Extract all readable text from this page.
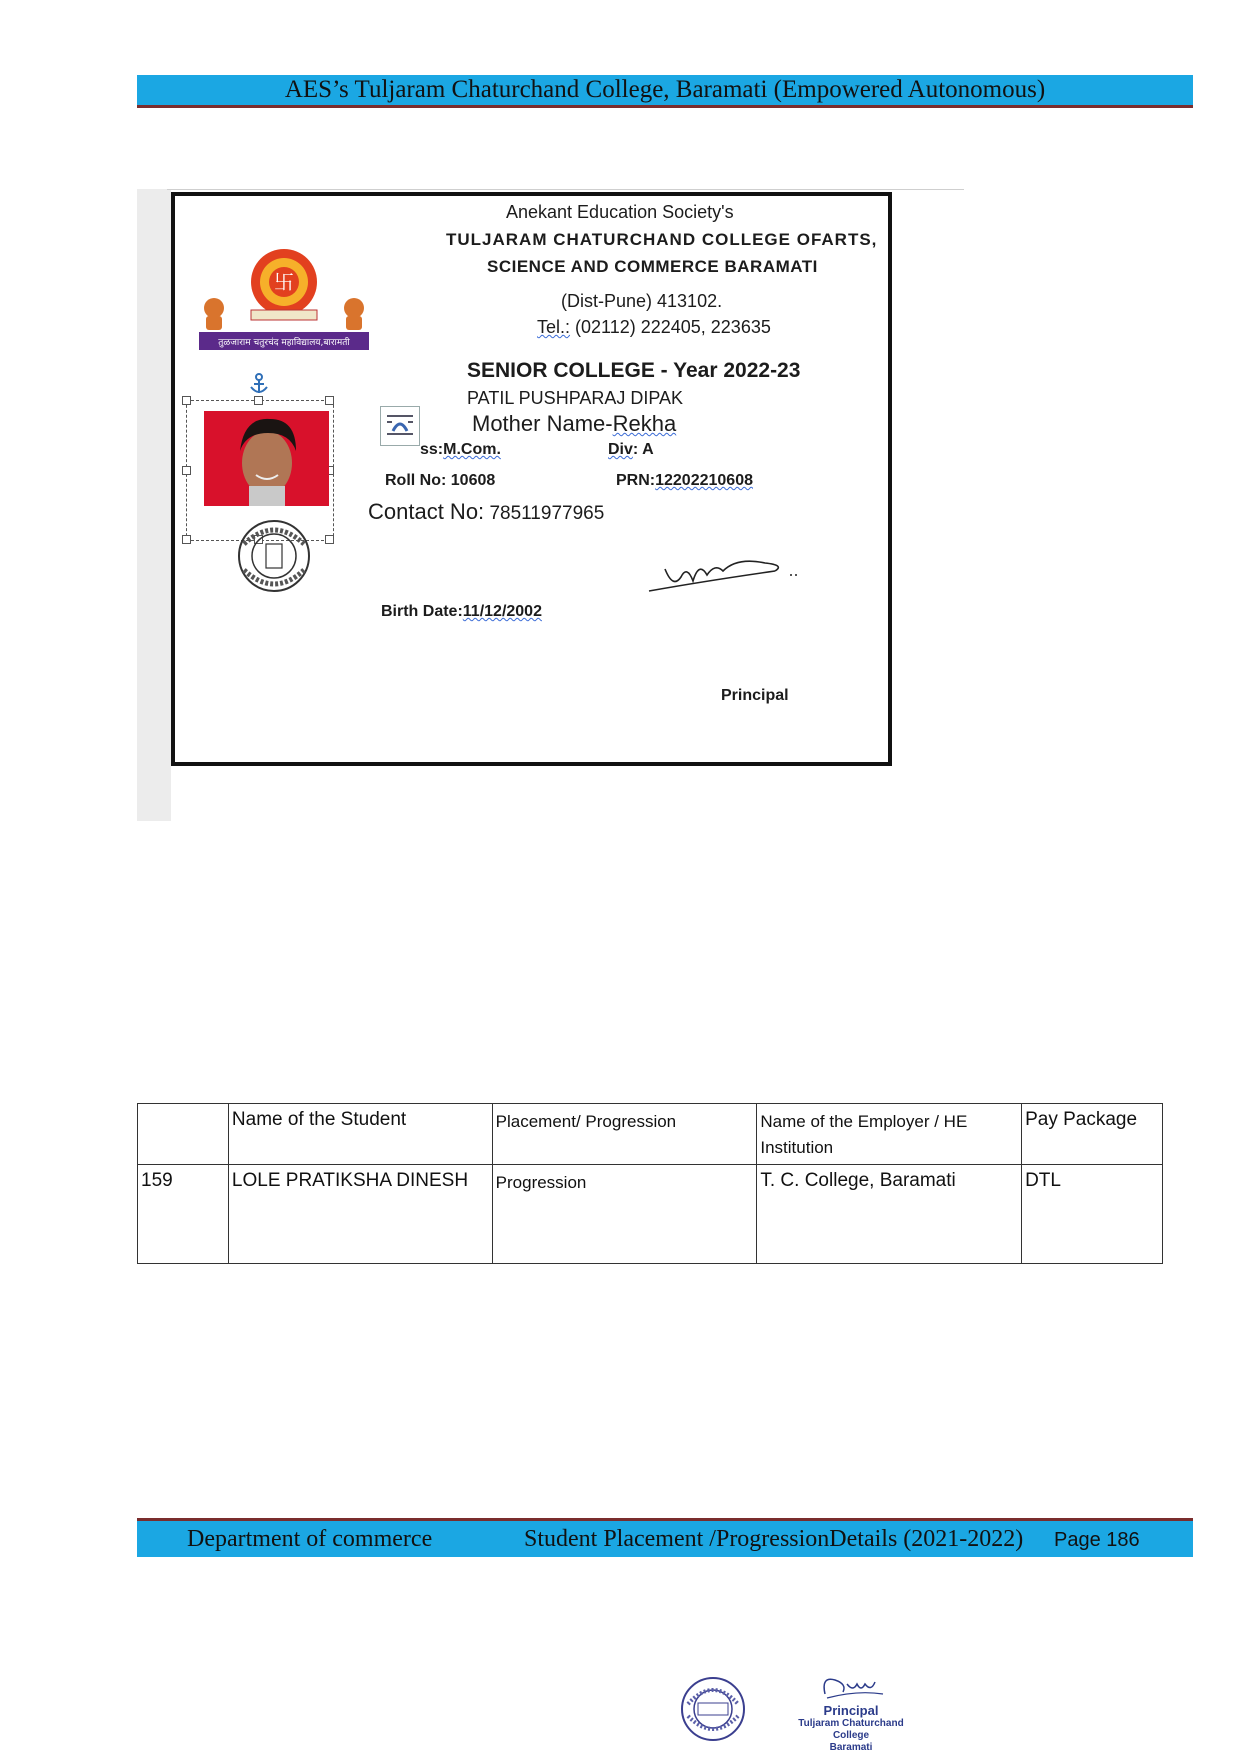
AES’s Tuljaram Chaturchand College, Baramati (Empowered Autonomous)
卐
तुळजाराम चतुरचंद महाविद्यालय,बारामती
Anekant Education Society's
TULJARAM CHATURCHAND COLLEGE OFARTS,
SCIENCE AND COMMERCE BARAMATI
(Dist-Pune) 413102.
Tel.: (02112) 222405, 223635
SENIOR COLLEGE - Year 2022-23
PATIL PUSHPARAJ DIPAK
Mother Name-Rekha
ss:M.Com.	Div: A
Roll No: 10608	PRN:12202210608
Contact No: 78511977965
Birth Date:11/12/2002
Principal
	Name of the Student	Placement/ Progression	Name of the Employer / HE Institution	Pay Package
159	LOLE PRATIKSHA DINESH	Progression	T. C. College, Baramati	DTL
Department of commerce	Student Placement /ProgressionDetails (2021-2022) Page 186
Principal
Tuljaram Chaturchand College
Baramati
